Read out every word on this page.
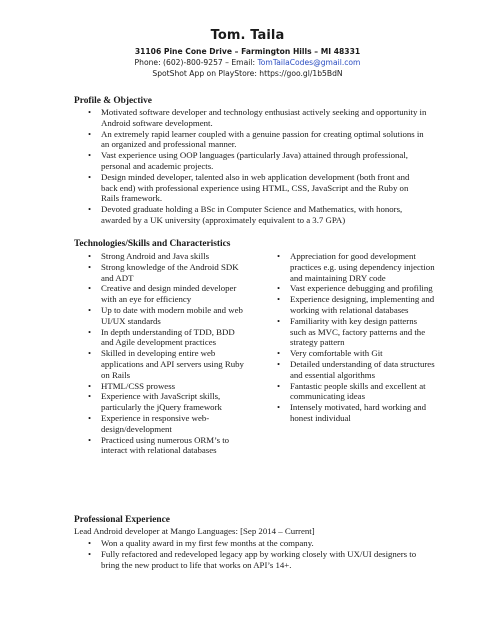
Tom. Taila

31106 Pine Cone Drive – Farmington Hills – MI 48331

Phone: (602)-800-9257 – Email: TomTailaCodes@gmail.com

SpotShot App on PlayStore: https://goo.gl/1b5BdN

Profile & Objective

• Motivated software developer and technology enthusiast actively seeking and opportunity in Android software development.
• An extremely rapid learner coupled with a genuine passion for creating optimal solutions in an organized and professional manner.
• Vast experience using OOP languages (particularly Java) attained through professional, personal and academic projects.
• Design minded developer, talented also in web application development (both front and back end) with professional experience using HTML, CSS, JavaScript and the Ruby on Rails framework.
• Devoted graduate holding a BSc in Computer Science and Mathematics, with honors, awarded by a UK university (approximately equivalent to a 3.7 GPA)

Technologies/Skills and Characteristics

• Strong Android and Java skills
• Strong knowledge of the Android SDK and ADT
• Creative and design minded developer with an eye for efficiency
• Up to date with modern mobile and web UI/UX standards
• In depth understanding of TDD, BDD and Agile development practices
• Skilled in developing entire web applications and API servers using Ruby on Rails
• HTML/CSS prowess
• Experience with JavaScript skills, particularly the jQuery framework
• Experience in responsive web-design/development
• Practiced using numerous ORM’s to interact with relational databases
• Appreciation for good development practices e.g. using dependency injection and maintaining DRY code
• Vast experience debugging and profiling
• Experience designing, implementing and working with relational databases
• Familiarity with key design patterns such as MVC, factory patterns and the strategy pattern
• Very comfortable with Git
• Detailed understanding of data structures and essential algorithms
• Fantastic people skills and excellent at communicating ideas
• Intensely motivated, hard working and honest individual

Professional Experience

Lead Android developer at Mango Languages: [Sep 2014 – Current]

• Won a quality award in my first few months at the company.
• Fully refactored and redeveloped legacy app by working closely with UX/UI designers to bring the new product to life that works on API’s 14+.
